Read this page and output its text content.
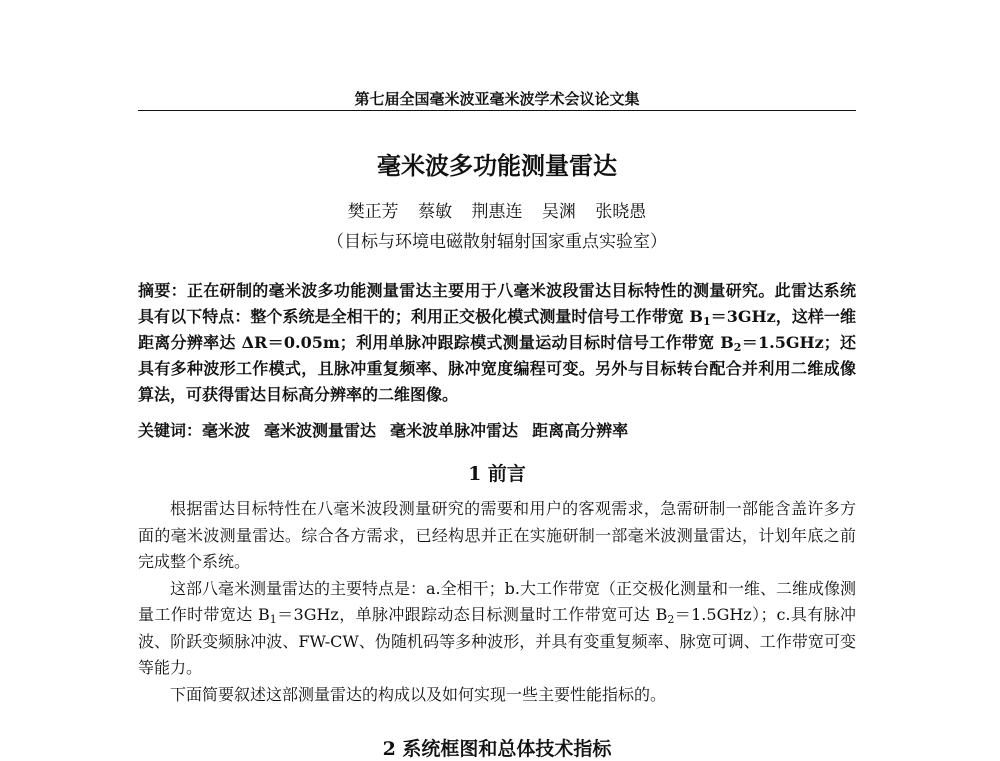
第七届全国毫米波亚毫米波学术会议论文集
毫米波多功能测量雷达
樊正芳 蔡敏 荆惠连 吴渊 张晓愚
（目标与环境电磁散射辐射国家重点实验室）
摘要：正在研制的毫米波多功能测量雷达主要用于八毫米波段雷达目标特性的测量研究。此雷达系统具有以下特点：整个系统是全相干的；利用正交极化模式测量时信号工作带宽 $B_1=3GHz$，这样一维距离分辨率达 ΔR＝0.05m；利用单脉冲跟踪模式测量运动目标时信号工作带宽 $B_2=1.5GHz$；还具有多种波形工作模式，且脉冲重复频率、脉冲宽度编程可变。另外与目标转台配合并利用二维成像算法，可获得雷达目标高分辨率的二维图像。
关键词：毫米波 毫米波测量雷达 毫米波单脉冲雷达 距离高分辨率
1 前言

根据雷达目标特性在八毫米波段测量研究的需要和用户的客观需求，急需研制一部能含盖许多方面的毫米波测量雷达。综合各方需求，已经构思并正在实施研制一部毫米波测量雷达，计划年底之前完成整个系统。

这部八毫米测量雷达的主要特点是：a.全相干；b.大工作带宽（正交极化测量和一维、二维成像测量工作时带宽达 $B_1=3GHz$，单脉冲跟踪动态目标测量时工作带宽可达 $B_2=1.5GHz$）；c.具有脉冲波、阶跃变频脉冲波、FW-CW、伪随机码等多种波形，并具有变重复频率、脉宽可调、工作带宽可变等能力。

下面简要叙述这部测量雷达的构成以及如何实现一些主要性能指标的。

2 系统框图和总体技术指标
